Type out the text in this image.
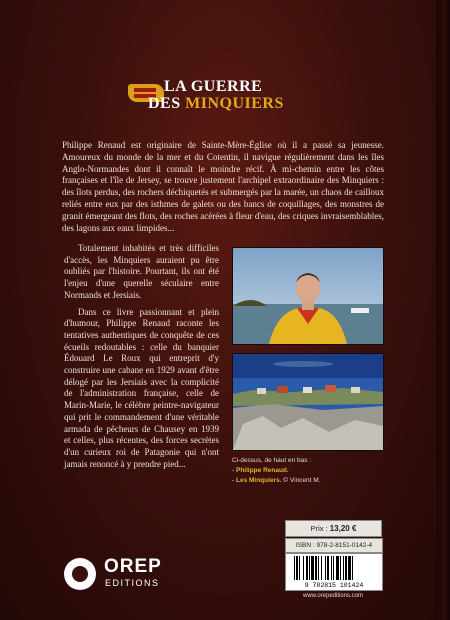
LA GUERRE
DES MINQUIERS

Philippe Renaud est originaire de Sainte-Mère-Église où il a passé sa jeunesse. Amoureux du monde de la mer et du Cotentin, il navigue régulièrement dans les îles Anglo-Normandes dont il connaît le moindre récif. À mi-chemin entre les côtes françaises et l'île de Jersey, se trouve justement l'archipel extraordinaire des Minquiers : des îlots perdus, des rochers déchiquetés et submergés par la marée, un chaos de cailloux reliés entre eux par des isthmes de galets ou des bancs de coquillages, des monstres de granit émergeant des flots, des roches acérées à fleur d'eau, des criques invraisemblables, des lagons aux eaux limpides...

Totalement inhabités et très difficiles d'accès, les Minquiers auraient pu être oubliés par l'histoire. Pourtant, ils ont été l'enjeu d'une querelle séculaire entre Normands et Jersiais.

Dans ce livre passionnant et plein d'humour, Philippe Renaud raconte les tentatives authentiques de conquête de ces écueils redoutables : celle du banquier Édouard Le Roux qui entreprit d'y construire une cabane en 1929 avant d'être délogé par les Jersiais avec la complicité de l'administration française, celle de Marin-Marie, le célèbre peintre-navigateur qui prit le commandement d'une véritable armada de pêcheurs de Chausey en 1939 et celles, plus récentes, des forces secrètes d'un curieux roi de Patagonie qui n'ont jamais renoncé à y prendre pied...	Ci-dessus, de haut en bas :
- Philippe Renaud.
- Les Minquiers. © Vincent M.
Prix : 13,20 €
ISBN : 978-2-8151-0142-4
9 782815 101424
www.orepeditions.com
OREP
EDITIONS
